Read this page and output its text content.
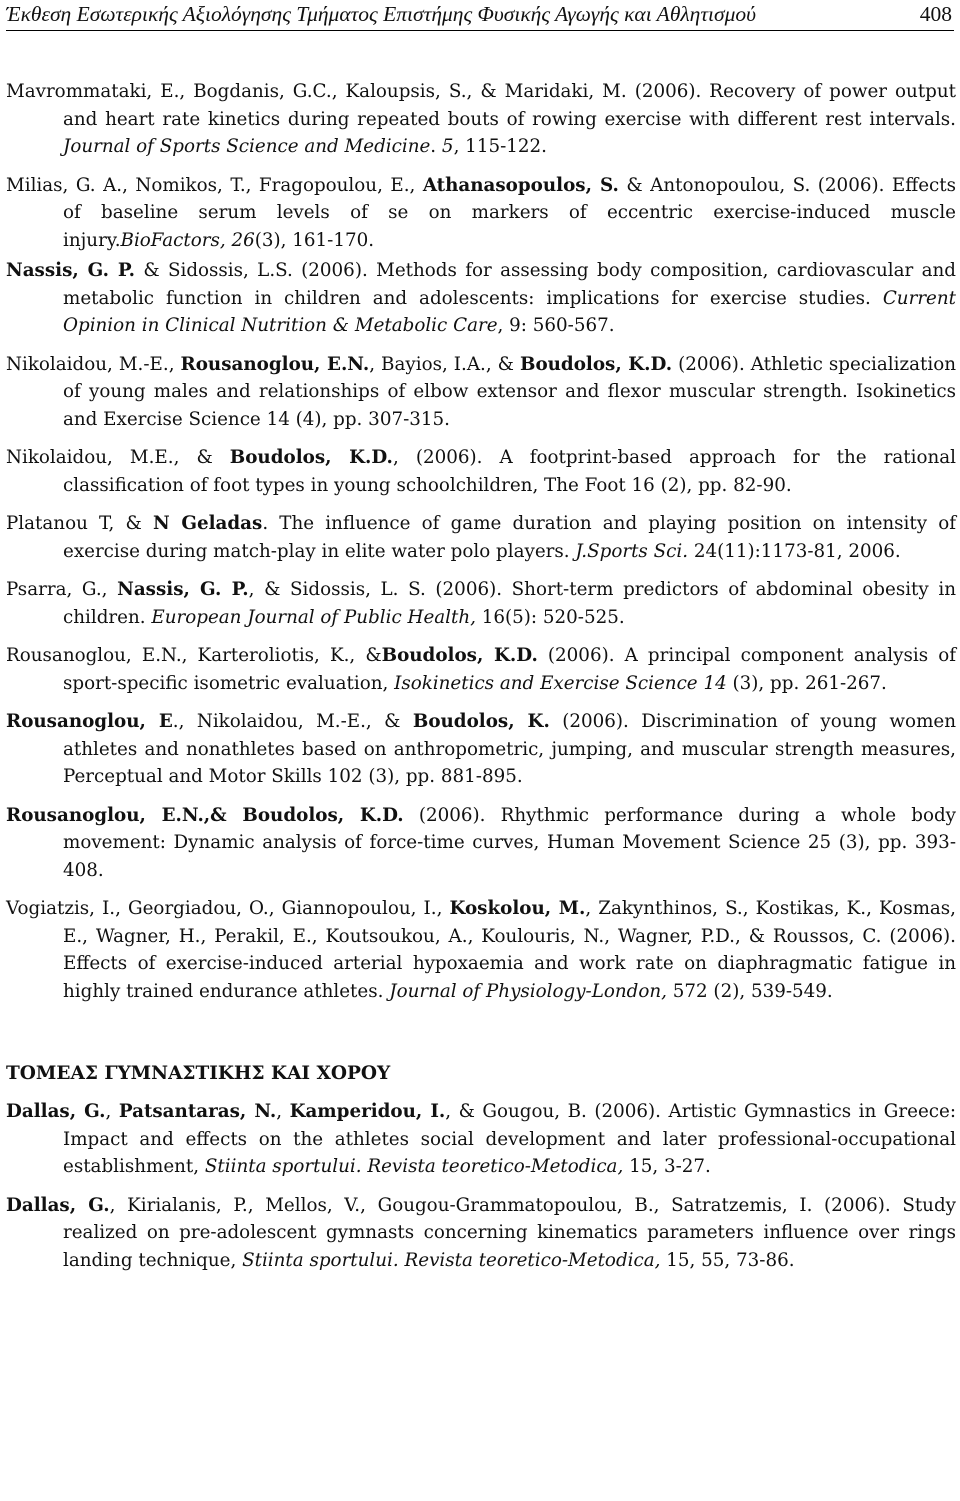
Έκθεση Εσωτερικής Αξιολόγησης Τμήματος Επιστήμης Φυσικής Αγωγής και Αθλητισμού	408

Mavrommataki, E., Bogdanis, G.C., Kaloupsis, S., & Maridaki, M. (2006). Recovery of power output and heart rate kinetics during repeated bouts of rowing exercise with different rest intervals. Journal of Sports Science and Medicine. 5, 115-122.

Milias, G. A., Nomikos, T., Fragopoulou, E., Athanasopoulos, S. & Antonopoulou, S. (2006). Effects of baseline serum levels of se on markers of eccentric exercise-induced muscle injury.BioFactors, 26(3), 161-170.

Nassis, G. P. & Sidossis, L.S. (2006). Methods for assessing body composition, cardiovascular and metabolic function in children and adolescents: implications for exercise studies. Current Opinion in Clinical Nutrition & Metabolic Care, 9: 560-567.

Nikolaidou, M.-E., Rousanoglou, E.N., Bayios, I.A., & Boudolos, K.D. (2006). Athletic specialization of young males and relationships of elbow extensor and flexor muscular strength. Isokinetics and Exercise Science 14 (4), pp. 307-315.

Nikolaidou, M.E., & Boudolos, K.D., (2006). A footprint-based approach for the rational classification of foot types in young schoolchildren, The Foot 16 (2), pp. 82-90.

Platanou T, & N Geladas. The influence of game duration and playing position on intensity of exercise during match-play in elite water polo players. J.Sports Sci. 24(11):1173-81, 2006.

Psarra, G., Nassis, G. P., & Sidossis, L. S. (2006). Short-term predictors of abdominal obesity in children. European Journal of Public Health, 16(5): 520-525.

Rousanoglou, E.N., Karteroliotis, K., &Boudolos, K.D. (2006). A principal component analysis of sport-specific isometric evaluation, Isokinetics and Exercise Science 14 (3), pp. 261-267.

Rousanoglou, E., Nikolaidou, M.-E., & Boudolos, K. (2006). Discrimination of young women athletes and nonathletes based on anthropometric, jumping, and muscular strength measures, Perceptual and Motor Skills 102 (3), pp. 881-895.

Rousanoglou, E.N.,& Boudolos, K.D. (2006). Rhythmic performance during a whole body movement: Dynamic analysis of force-time curves, Human Movement Science 25 (3), pp. 393-408.

Vogiatzis, I., Georgiadou, O., Giannopoulou, I., Koskolou, M., Zakynthinos, S., Kostikas, K., Kosmas, E., Wagner, H., Perakil, E., Koutsoukou, A., Koulouris, N., Wagner, P.D., & Roussos, C. (2006). Effects of exercise-induced arterial hypoxaemia and work rate on diaphragmatic fatigue in highly trained endurance athletes. Journal of Physiology-London, 572 (2), 539-549.

ΤΟΜΕΑΣ ΓΥΜΝΑΣΤΙΚΗΣ ΚΑΙ ΧΟΡΟΥ

Dallas, G., Patsantaras, N., Kamperidou, I., & Gougou, B. (2006). Artistic Gymnastics in Greece: Impact and effects on the athletes social development and later professional-occupational establishment, Stiinta sportului. Revista teoretico-Metodica, 15, 3-27.

Dallas, G., Kirialanis, P., Mellos, V., Gougou-Grammatopoulou, B., Satratzemis, I. (2006). Study realized on pre-adolescent gymnasts concerning kinematics parameters influence over rings landing technique, Stiinta sportului. Revista teoretico-Metodica, 15, 55, 73-86.
